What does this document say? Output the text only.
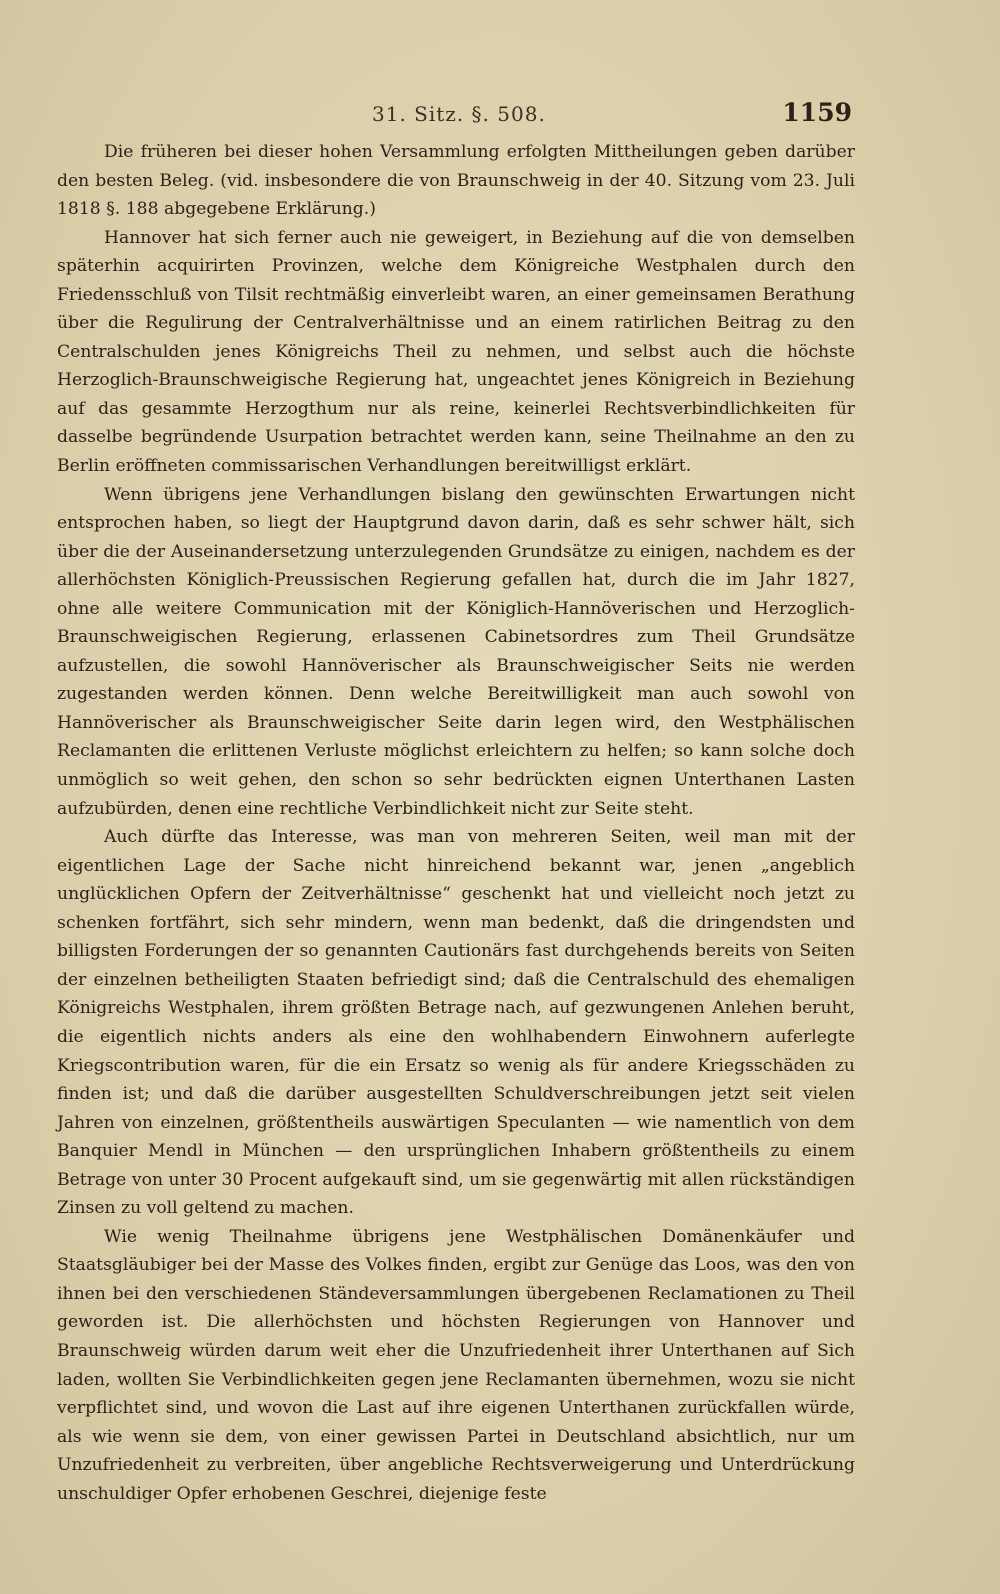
31. Sitz. §. 508.	1159

Die früheren bei dieser hohen Versammlung erfolgten Mittheilungen geben darüber den besten Beleg. (vid. insbesondere die von Braunschweig in der 40. Sitzung vom 23. Juli 1818 §. 188 abgegebene Erklärung.)

Hannover hat sich ferner auch nie geweigert, in Beziehung auf die von demselben späterhin acquirirten Provinzen, welche dem Königreiche Westphalen durch den Friedensschluß von Tilsit rechtmäßig einverleibt waren, an einer gemeinsamen Berathung über die Regulirung der Centralverhältnisse und an einem ratirlichen Beitrag zu den Centralschulden jenes Königreichs Theil zu nehmen, und selbst auch die höchste Herzoglich-Braunschweigische Regierung hat, ungeachtet jenes Königreich in Beziehung auf das gesammte Herzogthum nur als reine, keinerlei Rechtsverbindlichkeiten für dasselbe begründende Usurpation betrachtet werden kann, seine Theilnahme an den zu Berlin eröffneten commissarischen Verhandlungen bereitwilligst erklärt.

Wenn übrigens jene Verhandlungen bislang den gewünschten Erwartungen nicht entsprochen haben, so liegt der Hauptgrund davon darin, daß es sehr schwer hält, sich über die der Auseinandersetzung unterzulegenden Grundsätze zu einigen, nachdem es der allerhöchsten Königlich-Preussischen Regierung gefallen hat, durch die im Jahr 1827, ohne alle weitere Communication mit der Königlich-Hannöverischen und Herzoglich-Braunschweigischen Regierung, erlassenen Cabinetsordres zum Theil Grundsätze aufzustellen, die sowohl Hannöverischer als Braunschweigischer Seits nie werden zugestanden werden können. Denn welche Bereitwilligkeit man auch sowohl von Hannöverischer als Braunschweigischer Seite darin legen wird, den Westphälischen Reclamanten die erlittenen Verluste möglichst erleichtern zu helfen; so kann solche doch unmöglich so weit gehen, den schon so sehr bedrückten eignen Unterthanen Lasten aufzubürden, denen eine rechtliche Verbindlichkeit nicht zur Seite steht.

Auch dürfte das Interesse, was man von mehreren Seiten, weil man mit der eigentlichen Lage der Sache nicht hinreichend bekannt war, jenen „angeblich unglücklichen Opfern der Zeitverhältnisse“ geschenkt hat und vielleicht noch jetzt zu schenken fortfährt, sich sehr mindern, wenn man bedenkt, daß die dringendsten und billigsten Forderungen der so genannten Cautionärs fast durchgehends bereits von Seiten der einzelnen betheiligten Staaten befriedigt sind; daß die Centralschuld des ehemaligen Königreichs Westphalen, ihrem größten Betrage nach, auf gezwungenen Anlehen beruht, die eigentlich nichts anders als eine den wohlhabendern Einwohnern auferlegte Kriegscontribution waren, für die ein Ersatz so wenig als für andere Kriegsschäden zu finden ist; und daß die darüber ausgestellten Schuldverschreibungen jetzt seit vielen Jahren von einzelnen, größtentheils auswärtigen Speculanten — wie namentlich von dem Banquier Mendl in München — den ursprünglichen Inhabern größtentheils zu einem Betrage von unter 30 Procent aufgekauft sind, um sie gegenwärtig mit allen rückständigen Zinsen zu voll geltend zu machen.

Wie wenig Theilnahme übrigens jene Westphälischen Domänenkäufer und Staatsgläubiger bei der Masse des Volkes finden, ergibt zur Genüge das Loos, was den von ihnen bei den verschiedenen Ständeversammlungen übergebenen Reclamationen zu Theil geworden ist. Die allerhöchsten und höchsten Regierungen von Hannover und Braunschweig würden darum weit eher die Unzufriedenheit ihrer Unterthanen auf Sich laden, wollten Sie Verbindlichkeiten gegen jene Reclamanten übernehmen, wozu sie nicht verpflichtet sind, und wovon die Last auf ihre eigenen Unterthanen zurückfallen würde, als wie wenn sie dem, von einer gewissen Partei in Deutschland absichtlich, nur um Unzufriedenheit zu verbreiten, über angebliche Rechtsverweigerung und Unterdrückung unschuldiger Opfer erhobenen Geschrei, diejenige feste
